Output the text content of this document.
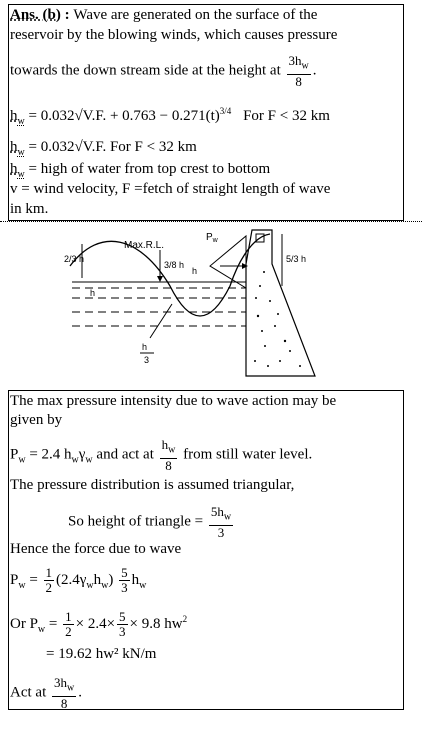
Ans. (b) : Wave are generated on the surface of the
reservoir by the blowing winds, which causes pressure
towards the down stream side at the height at $\frac{3h_w}{8}$ .
$h_w = 0.032√V.F$. + $0.763 - 0.271(t)^{3/4}$ For F < 32 km
$h_w = 0.032√V.F$. For F < 32 km
$h_w$ = high of water from top crest to bottom
v = wind velocity, F =fetch of straight length of wave
in km.
Max.R.L.
$P_w$
2/3 h
3/8 h
h
5/3 h
h
h
3
The max pressure intensity due to wave action may be
given by
$P_w = 2.4$ $h_w\gamma_w$ and act at $\frac{h_w}{8}$ from still water level.
The pressure distribution is assumed triangular,
So height of triangle = $\frac{5h_w}{3}$
Hence the force due to wave
$P_w = \frac{1}{2} (2.4\gamma_wh_w) \frac{5}{3} h_w$
Or $P_w = \frac{1}{2} \times 2.4\times \frac{5}{3} \times 9.8$ $hw^2$
= 19.62 hw² kN/m
Act at $\frac{3h_w}{8}$ .
